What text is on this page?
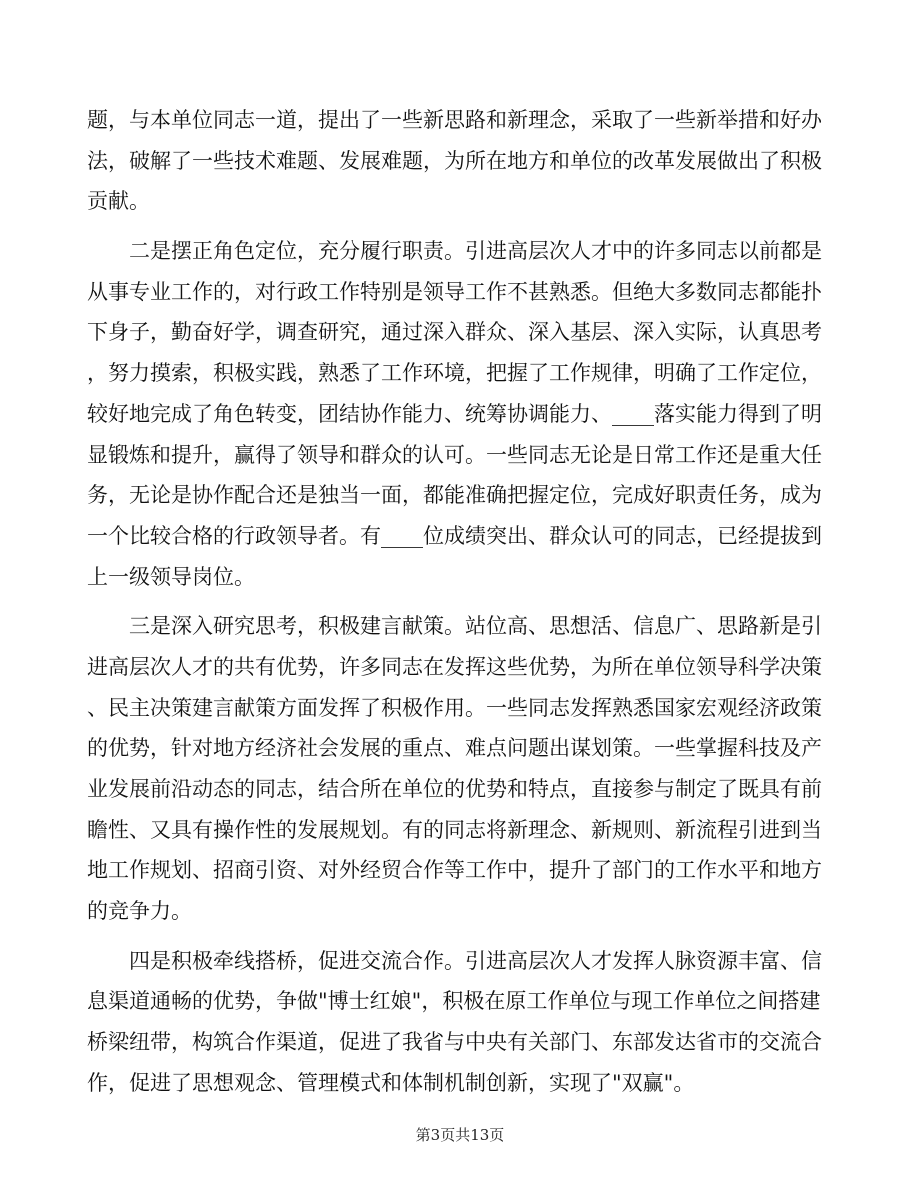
题，与本单位同志一道，提出了一些新思路和新理念，采取了一些新举措和好办
法，破解了一些技术难题、发展难题，为所在地方和单位的改革发展做出了积极
贡献。
二是摆正角色定位，充分履行职责。引进高层次人才中的许多同志以前都是
从事专业工作的，对行政工作特别是领导工作不甚熟悉。但绝大多数同志都能扑
下身子，勤奋好学，调查研究，通过深入群众、深入基层、深入实际，认真思考
，努力摸索，积极实践，熟悉了工作环境，把握了工作规律，明确了工作定位，
较好地完成了角色转变，团结协作能力、统筹协调能力、____落实能力得到了明
显锻炼和提升，赢得了领导和群众的认可。一些同志无论是日常工作还是重大任
务，无论是协作配合还是独当一面，都能准确把握定位，完成好职责任务，成为
一个比较合格的行政领导者。有____位成绩突出、群众认可的同志，已经提拔到
上一级领导岗位。
三是深入研究思考，积极建言献策。站位高、思想活、信息广、思路新是引
进高层次人才的共有优势，许多同志在发挥这些优势，为所在单位领导科学决策
、民主决策建言献策方面发挥了积极作用。一些同志发挥熟悉国家宏观经济政策
的优势，针对地方经济社会发展的重点、难点问题出谋划策。一些掌握科技及产
业发展前沿动态的同志，结合所在单位的优势和特点，直接参与制定了既具有前
瞻性、又具有操作性的发展规划。有的同志将新理念、新规则、新流程引进到当
地工作规划、招商引资、对外经贸合作等工作中，提升了部门的工作水平和地方
的竞争力。
四是积极牵线搭桥，促进交流合作。引进高层次人才发挥人脉资源丰富、信
息渠道通畅的优势，争做"博士红娘"，积极在原工作单位与现工作单位之间搭建
桥梁纽带，构筑合作渠道，促进了我省与中央有关部门、东部发达省市的交流合
作，促进了思想观念、管理模式和体制机制创新，实现了"双赢"。
第3页共13页
